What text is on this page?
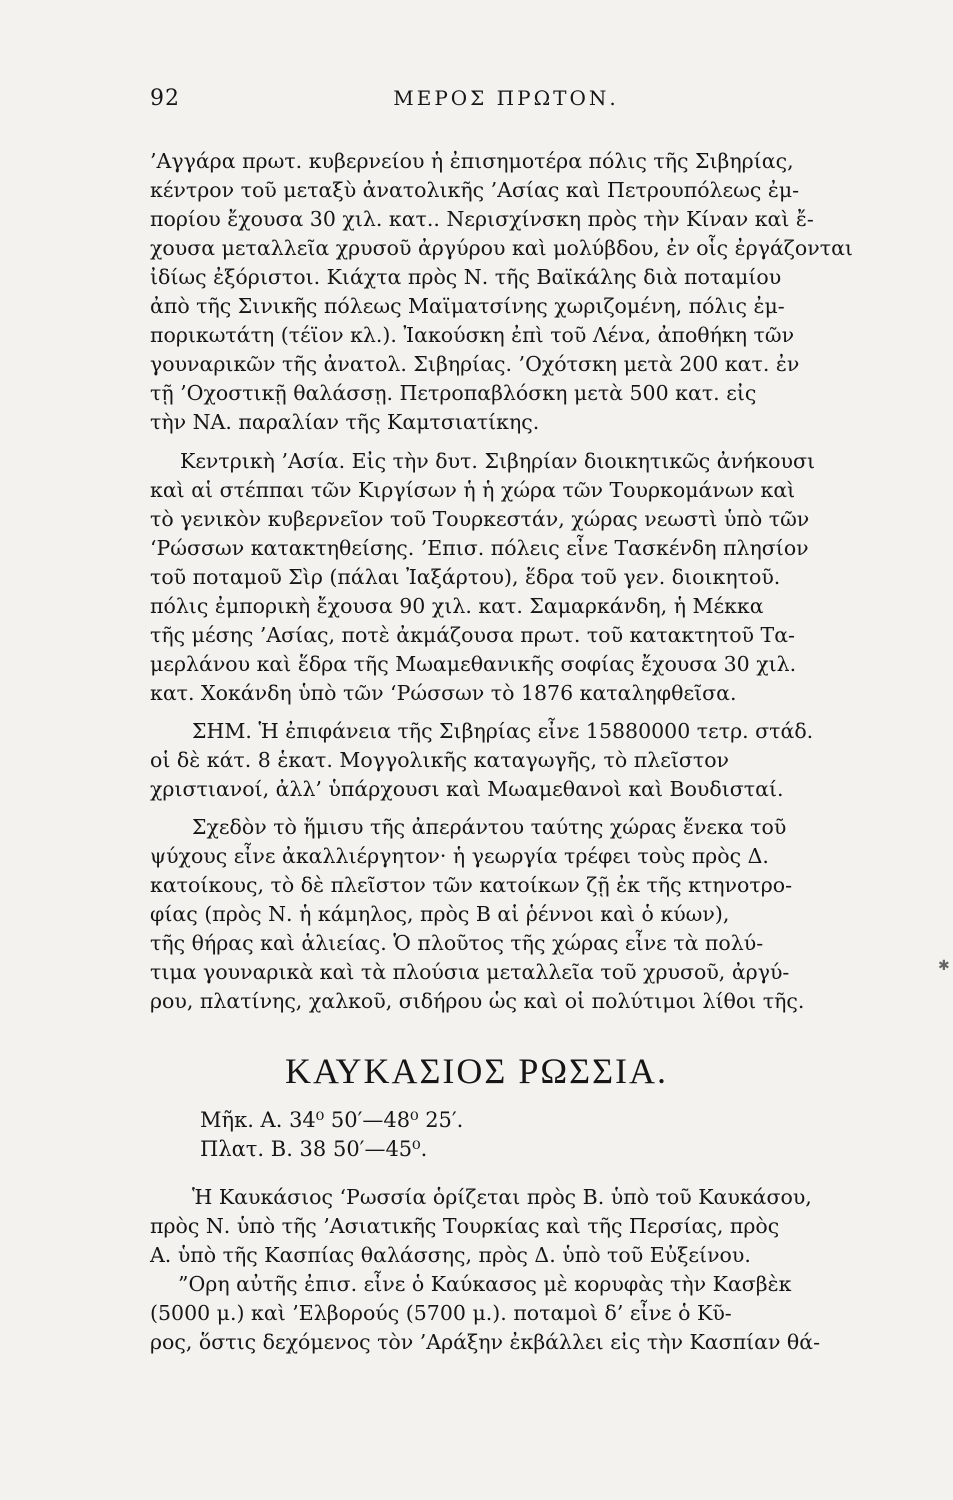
92	ΜΕΡΟΣ ΠΡΩΤΟΝ.
’Αγγάρα πρωτ. κυβερνείου ἡ ἐπισημοτέρα πόλις τῆς Σιβηρίας,
κέντρον τοῦ μεταξὺ ἀνατολικῆς ’Ασίας καὶ Πετρουπόλεως ἐμ-
πορίου ἔχουσα 30 χιλ. κατ.. Νερισχίνσκη πρὸς τὴν Κίναν καὶ ἔ-
χουσα μεταλλεῖα χρυσοῦ ἀργύρου καὶ μολύβδου, ἐν οἷς ἐργάζονται
ἰδίως ἐξόριστοι. Κιάχτα πρὸς Ν. τῆς Βαϊκάλης διὰ ποταμίου
ἀπὸ τῆς Σινικῆς πόλεως Μαϊματσίνης χωριζομένη, πόλις ἐμ-
πορικωτάτη (τέϊον κλ.). Ἰακούσκη ἐπὶ τοῦ Λένα, ἀποθήκη τῶν
γουναρικῶν τῆς ἀνατολ. Σιβηρίας. ’Οχότσκη μετὰ 200 κατ. ἐν
τῇ ’Οχοστικῇ θαλάσσῃ. Πετροπαβλόσκη μετὰ 500 κατ. εἰς
τὴν ΝΑ. παραλίαν τῆς Καμτσιατίκης.
Κεντρικὴ ’Ασία. Εἰς τὴν δυτ. Σιβηρίαν διοικητικῶς ἀνήκουσι
καὶ αἱ στέππαι τῶν Κιργίσων ἡ ἡ χώρα τῶν Τουρκομάνων καὶ
τὸ γενικὸν κυβερνεῖον τοῦ Τουρκεστάν, χώρας νεωστὶ ὑπὸ τῶν
‘Ρώσσων κατακτηθείσης. ’Επισ. πόλεις εἶνε Τασκένδη πλησίον
τοῦ ποταμοῦ Σὶρ (πάλαι Ἰαξάρτου), ἕδρα τοῦ γεν. διοικητοῦ.
πόλις ἐμπορικὴ ἔχουσα 90 χιλ. κατ. Σαμαρκάνδη, ἡ Μέκκα
τῆς μέσης ’Ασίας, ποτὲ ἀκμάζουσα πρωτ. τοῦ κατακτητοῦ Τα-
μερλάνου καὶ ἕδρα τῆς Μωαμεθανικῆς σοφίας ἔχουσα 30 χιλ.
κατ. Χοκάνδη ὑπὸ τῶν ‘Ρώσσων τὸ 1876 καταληφθεῖσα.
ΣΗΜ. Ἡ ἐπιφάνεια τῆς Σιβηρίας εἶνε 15880000 τετρ. στάδ.
οἱ δὲ κάτ. 8 ἑκατ. Μογγολικῆς καταγωγῆς, τὸ πλεῖστον
χριστιανοί, ἀλλ’ ὑπάρχουσι καὶ Μωαμεθανοὶ καὶ Βουδισταί.
Σχεδὸν τὸ ἥμισυ τῆς ἀπεράντου ταύτης χώρας ἕνεκα τοῦ
ψύχους εἶνε ἀκαλλιέργητον· ἡ γεωργία τρέφει τοὺς πρὸς Δ.
κατοίκους, τὸ δὲ πλεῖστον τῶν κατοίκων ζῇ ἐκ τῆς κτηνοτρο-
φίας (πρὸς Ν. ἡ κάμηλος, πρὸς Β αἱ ῥέννοι καὶ ὁ κύων),
τῆς θήρας καὶ ἁλιείας. Ὁ πλοῦτος τῆς χώρας εἶνε τὰ πολύ-
τιμα γουναρικὰ καὶ τὰ πλούσια μεταλλεῖα τοῦ χρυσοῦ, ἀργύ-
ρου, πλατίνης, χαλκοῦ, σιδήρου ὡς καὶ οἱ πολύτιμοι λίθοι τῆς.
✱
ΚΑΥΚΑΣΙΟΣ ΡΩΣΣΙΑ.
Μῆκ. Α. 34⁰ 50′—48⁰ 25′.
Πλατ. Β. 38 50′—45⁰.
Ἡ Καυκάσιος ‘Ρωσσία ὁρίζεται πρὸς Β. ὑπὸ τοῦ Καυκάσου,
πρὸς Ν. ὑπὸ τῆς ’Ασιατικῆς Τουρκίας καὶ τῆς Περσίας, πρὸς
Α. ὑπὸ τῆς Κασπίας θαλάσσης, πρὸς Δ. ὑπὸ τοῦ Εὐξείνου.
”Ορη αὐτῆς ἐπισ. εἶνε ὁ Καύκασος μὲ κορυφὰς τὴν Κασβὲκ
(5000 μ.) καὶ ’Ελβορούς (5700 μ.). ποταμοὶ δ’ εἶνε ὁ Κῦ-
ρος, ὅστις δεχόμενος τὸν ’Αράξην ἐκβάλλει εἰς τὴν Κασπίαν θά-
